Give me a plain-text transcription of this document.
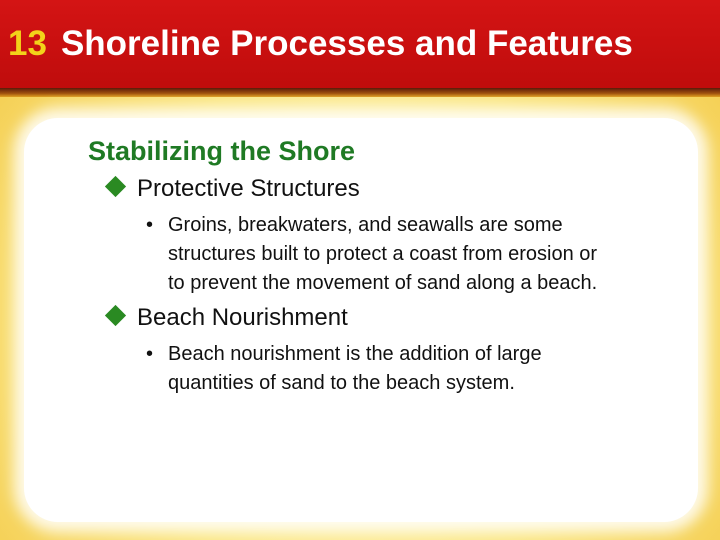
13 Shoreline Processes and Features
Stabilizing the Shore
Protective Structures
• Groins, breakwaters, and seawalls are some
structures built to protect a coast from erosion or
to prevent the movement of sand along a beach.
Beach Nourishment
• Beach nourishment is the addition of large
quantities of sand to the beach system.
